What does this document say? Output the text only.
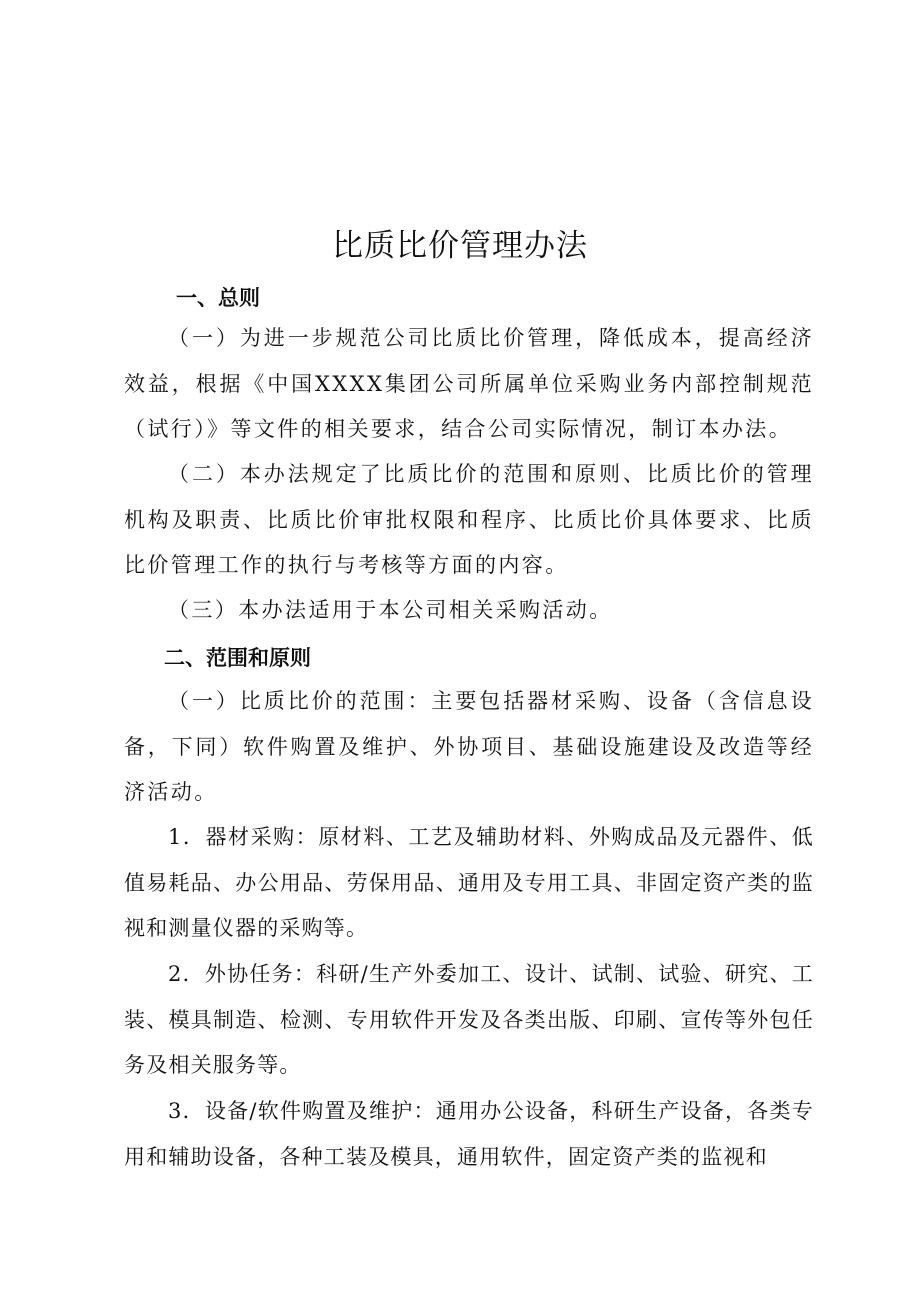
比质比价管理办法
一、总则

（一）为进一步规范公司比质比价管理，降低成本，提高经济效益，根据《中国XXXX集团公司所属单位采购业务内部控制规范（试行）》等文件的相关要求，结合公司实际情况，制订本办法。

（二）本办法规定了比质比价的范围和原则、比质比价的管理机构及职责、比质比价审批权限和程序、比质比价具体要求、比质比价管理工作的执行与考核等方面的内容。

（三）本办法适用于本公司相关采购活动。

二、范围和原则

（一）比质比价的范围：主要包括器材采购、设备（含信息设备，下同）软件购置及维护、外协项目、基础设施建设及改造等经济活动。

1．器材采购：原材料、工艺及辅助材料、外购成品及元器件、低值易耗品、办公用品、劳保用品、通用及专用工具、非固定资产类的监视和测量仪器的采购等。

2．外协任务：科研/生产外委加工、设计、试制、试验、研究、工装、模具制造、检测、专用软件开发及各类出版、印刷、宣传等外包任务及相关服务等。

3．设备/软件购置及维护：通用办公设备，科研生产设备，各类专用和辅助设备，各种工装及模具，通用软件，固定资产类的监视和
